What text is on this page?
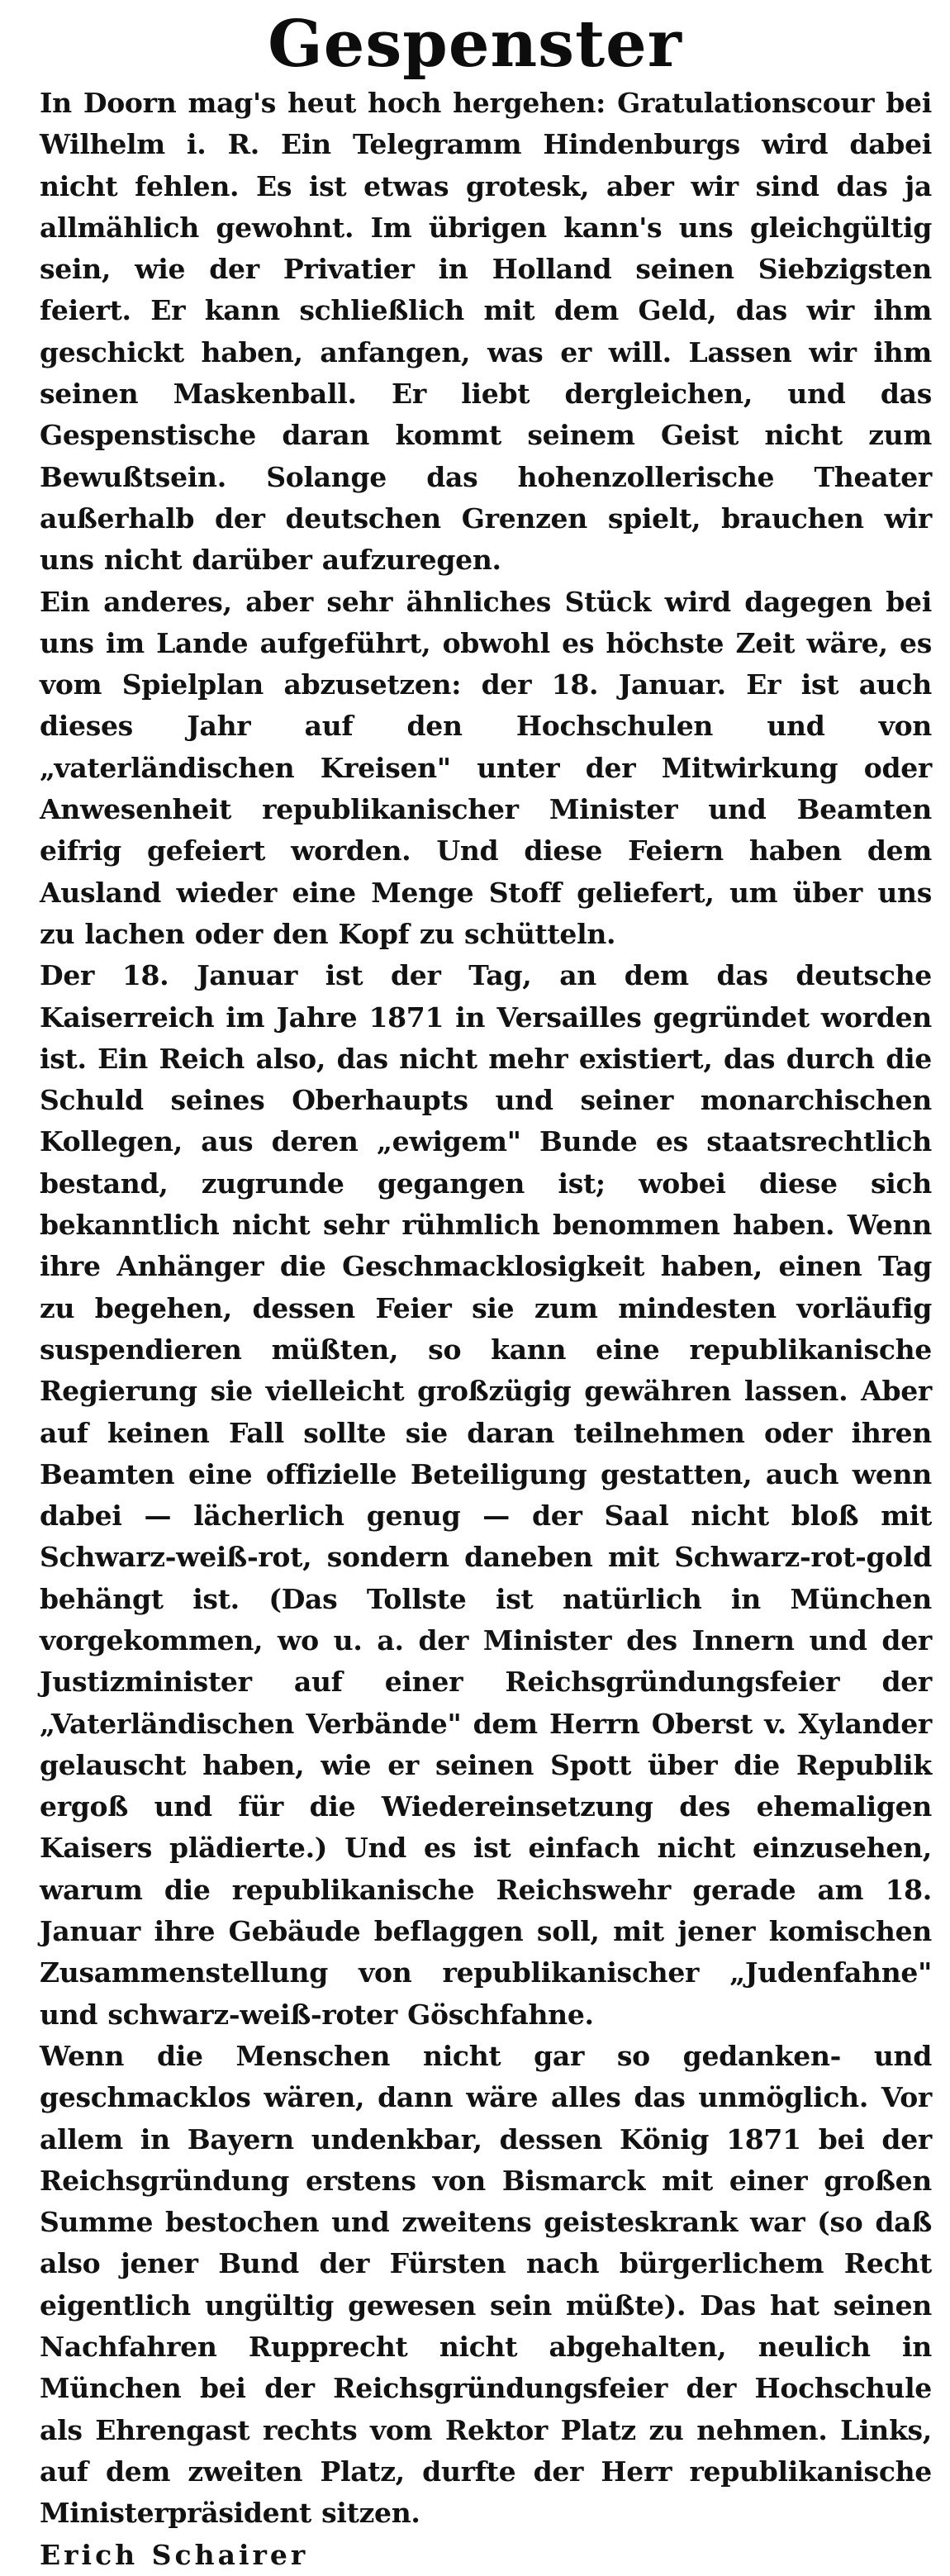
Gespenster

In Doorn mag's heut hoch hergehen: Gratulationscour bei Wilhelm i. R. Ein Telegramm Hindenburgs wird dabei nicht fehlen. Es ist etwas grotesk, aber wir sind das ja allmählich gewohnt. Im übrigen kann's uns gleichgültig sein, wie der Privatier in Holland seinen Siebzigsten feiert. Er kann schließlich mit dem Geld, das wir ihm geschickt haben, anfangen, was er will. Lassen wir ihm seinen Maskenball. Er liebt dergleichen, und das Gespenstische daran kommt seinem Geist nicht zum Bewußtsein. Solange das hohenzollerische Theater außerhalb der deutschen Grenzen spielt, brauchen wir uns nicht darüber aufzuregen.

Ein anderes, aber sehr ähnliches Stück wird dagegen bei uns im Lande aufgeführt, obwohl es höchste Zeit wäre, es vom Spielplan abzusetzen: der 18. Januar. Er ist auch dieses Jahr auf den Hochschulen und von „vaterländischen Kreisen" unter der Mitwirkung oder Anwesenheit republikanischer Minister und Beamten eifrig gefeiert worden. Und diese Feiern haben dem Ausland wieder eine Menge Stoff geliefert, um über uns zu lachen oder den Kopf zu schütteln.

Der 18. Januar ist der Tag, an dem das deutsche Kaiserreich im Jahre 1871 in Versailles gegründet worden ist. Ein Reich also, das nicht mehr existiert, das durch die Schuld seines Oberhaupts und seiner monarchischen Kollegen, aus deren „ewigem" Bunde es staatsrechtlich bestand, zugrunde gegangen ist; wobei diese sich bekanntlich nicht sehr rühmlich benommen haben. Wenn ihre Anhänger die Geschmacklosigkeit haben, einen Tag zu begehen, dessen Feier sie zum mindesten vorläufig suspendieren müßten, so kann eine republikanische Regierung sie vielleicht großzügig gewähren lassen. Aber auf keinen Fall sollte sie daran teilnehmen oder ihren Beamten eine offizielle Beteiligung gestatten, auch wenn dabei — lächerlich genug — der Saal nicht bloß mit Schwarz-weiß-rot, sondern daneben mit Schwarz-rot-gold behängt ist. (Das Tollste ist natürlich in München vorgekommen, wo u. a. der Minister des Innern und der Justizminister auf einer Reichsgründungsfeier der „Vaterländischen Verbände" dem Herrn Oberst v. Xylander gelauscht haben, wie er seinen Spott über die Republik ergoß und für die Wiedereinsetzung des ehemaligen Kaisers plädierte.) Und es ist einfach nicht einzusehen, warum die republikanische Reichswehr gerade am 18. Januar ihre Gebäude beflaggen soll, mit jener komischen Zusammenstellung von republikanischer „Judenfahne" und schwarz-weiß-roter Göschfahne.

Wenn die Menschen nicht gar so gedanken- und geschmacklos wären, dann wäre alles das unmöglich. Vor allem in Bayern undenkbar, dessen König 1871 bei der Reichsgründung erstens von Bismarck mit einer großen Summe bestochen und zweitens geisteskrank war (so daß also jener Bund der Fürsten nach bürgerlichem Recht eigentlich ungültig gewesen sein müßte). Das hat seinen Nachfahren Rupprecht nicht abgehalten, neulich in München bei der Reichsgründungsfeier der Hochschule als Ehrengast rechts vom Rektor Platz zu nehmen. Links, auf dem zweiten Platz, durfte der Herr republikanische Ministerpräsident sitzen.
Erich Schairer
